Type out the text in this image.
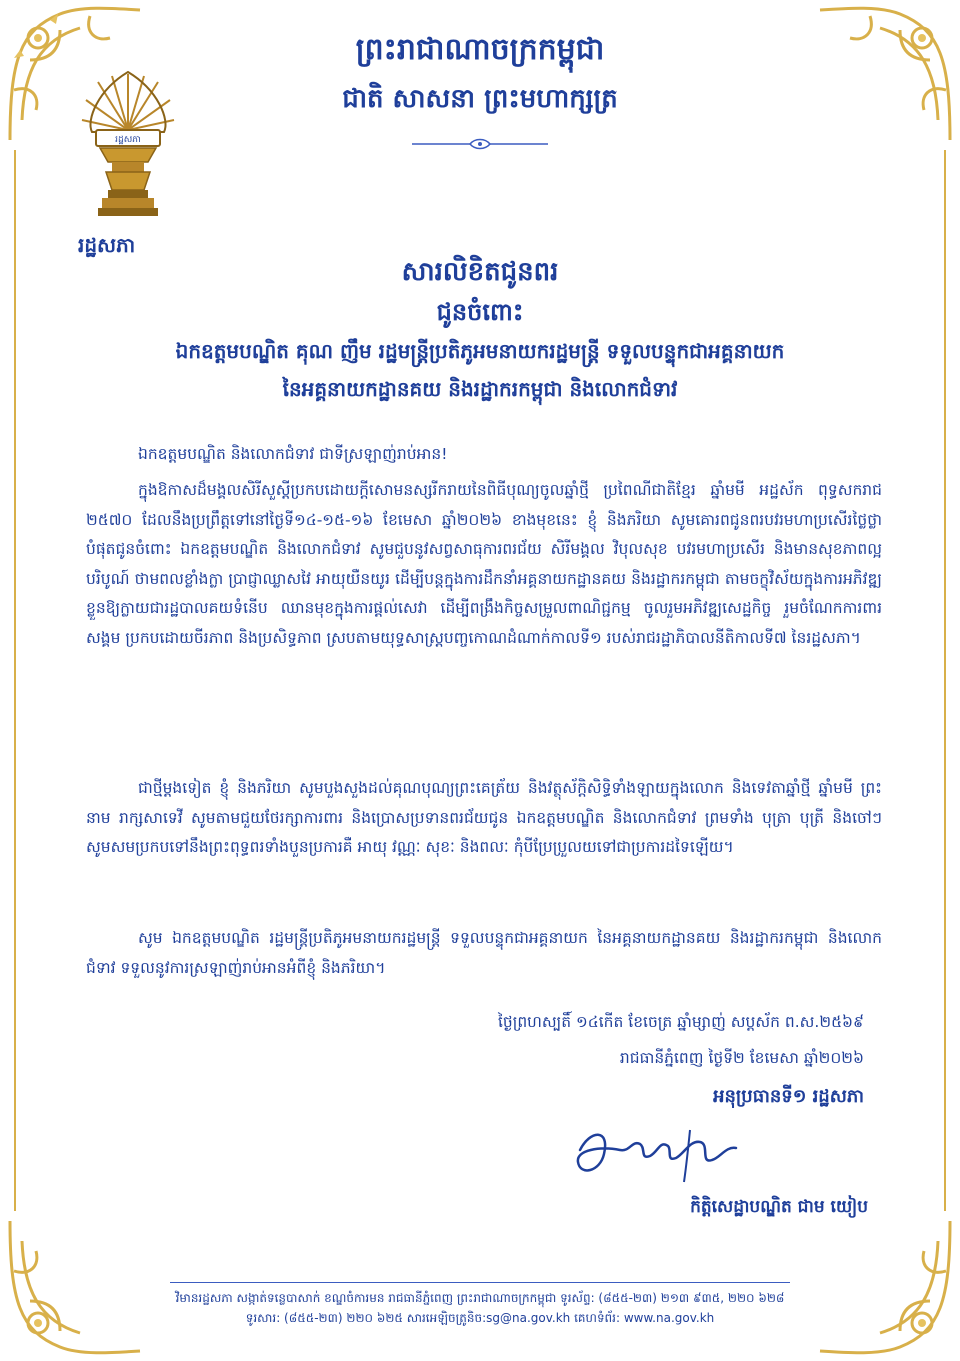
រដ្ឋសភា
រដ្ឋសភា
ព្រះរាជាណាចក្រកម្ពុជា
ជាតិ សាសនា ព្រះមហាក្សត្រ
សារលិខិតជូនពរ
ជូនចំពោះ
ឯកឧត្តមបណ្ឌិត គុណ ញឹម រដ្ឋមន្ត្រីប្រតិភូអមនាយករដ្ឋមន្ត្រី ទទួលបន្ទុកជាអគ្គនាយក
នៃអគ្គនាយកដ្ឋានគយ និងរដ្ឋាករកម្ពុជា និងលោកជំទាវ

ឯកឧត្តមបណ្ឌិត និងលោកជំទាវ ជាទីស្រឡាញ់រាប់អាន!

ក្នុងឱកាសដ៏មង្គលសិរីសួស្ដីប្រកបដោយក្ដីសោមនស្សរីករាយនៃពិធីបុណ្យចូលឆ្នាំថ្មី ប្រពៃណីជាតិខ្មែរ ឆ្នាំមមី អដ្ឋស័ក ពុទ្ធសករាជ ២៥៧០ ដែលនឹងប្រព្រឹត្តទៅនៅថ្ងៃទី១៤-១៥-១៦ ខែមេសា ឆ្នាំ២០២៦ ខាងមុខនេះ ខ្ញុំ និងភរិយា សូមគោរពជូនពរបវរមហាប្រសើរថ្លៃថ្លាបំផុតជូនចំពោះ ឯកឧត្តមបណ្ឌិត និងលោកជំទាវ សូមជួបនូវសព្វសាធុការពរជ័យ សិរីមង្គល វិបុលសុខ បវរមហាប្រសើរ និងមានសុខភាពល្អបរិបូណ៍ ថាមពលខ្លាំងក្លា ប្រាជ្ញាឈ្លាសវៃ អាយុយឺនយូរ ដើម្បីបន្តក្នុងការដឹកនាំអគ្គនាយកដ្ឋានគយ និងរដ្ឋាករកម្ពុជា តាមចក្ខុវិស័យក្នុងការអភិវឌ្ឍខ្លួនឱ្យក្លាយជារដ្ឋបាលគយទំនើប ឈានមុខក្នុងការផ្ដល់សេវា ដើម្បីពង្រឹងកិច្ចសម្រួលពាណិជ្ជកម្ម ចូលរួមអភិវឌ្ឍសេដ្ឋកិច្ច រួមចំណែកការពារសង្គម ប្រកបដោយចីរភាព និងប្រសិទ្ធភាព ស្របតាមយុទ្ធសាស្ត្របញ្ចកោណដំណាក់កាលទី១ របស់រាជរដ្ឋាភិបាលនីតិកាលទី៧ នៃរដ្ឋសភា។

ជាថ្មីម្ដងទៀត ខ្ញុំ និងភរិយា សូមបួងសួងដល់គុណបុណ្យព្រះគេត្រ័យ និងវត្ថុស័ក្តិសិទ្ធិទាំងឡាយក្នុងលោក និងទេវតាឆ្នាំថ្មី ឆ្នាំមមី ព្រះនាម រាក្សសាទេវី សូមតាមជួយថែរក្សាការពារ និងប្រោសប្រទានពរជ័យជូន ឯកឧត្តមបណ្ឌិត និងលោកជំទាវ ព្រមទាំង បុត្រា បុត្រី និងចៅៗ សូមសមប្រកបទៅនឹងព្រះពុទ្ធពរទាំងបួនប្រការគឺ អាយុ វណ្ណៈ សុខៈ និងពលៈ កុំបីប្រែប្រួលយទៅជាប្រការដទៃឡើយ។

សូម ឯកឧត្តមបណ្ឌិត រដ្ឋមន្ត្រីប្រតិភូអមនាយករដ្ឋមន្ត្រី ទទួលបន្ទុកជាអគ្គនាយក នៃអគ្គនាយកដ្ឋានគយ និងរដ្ឋាករកម្ពុជា និងលោកជំទាវ ទទួលនូវការស្រឡាញ់រាប់អានអំពីខ្ញុំ និងភរិយា។

ថ្ងៃព្រហស្បតិ៍ ១៤កើត ខែចេត្រ ឆ្នាំម្សាញ់ សប្តស័ក ព.ស.២៥៦៩
រាជធានីភ្នំពេញ ថ្ងៃទី២ ខែមេសា ឆ្នាំ២០២៦
អនុប្រធានទី១ រដ្ឋសភា
កិត្តិសេដ្ឋាបណ្ឌិត ជាម យៀប
វិមានរដ្ឋសភា សង្កាត់ទន្លេបាសាក់ ខណ្ឌចំការមន រាជធានីភ្នំពេញ ព្រះរាជាណាចក្រកម្ពុជា ទូរស័ព្ទ: (៨៥៥-២៣) ២១៣ ៩៣៥, ២២០ ៦២៨
ទូរសារ: (៨៥៥-២៣) ២២០ ៦២៥ សារអេឡិចត្រូនិច:sg@na.gov.kh គេហទំព័រ: www.na.gov.kh
